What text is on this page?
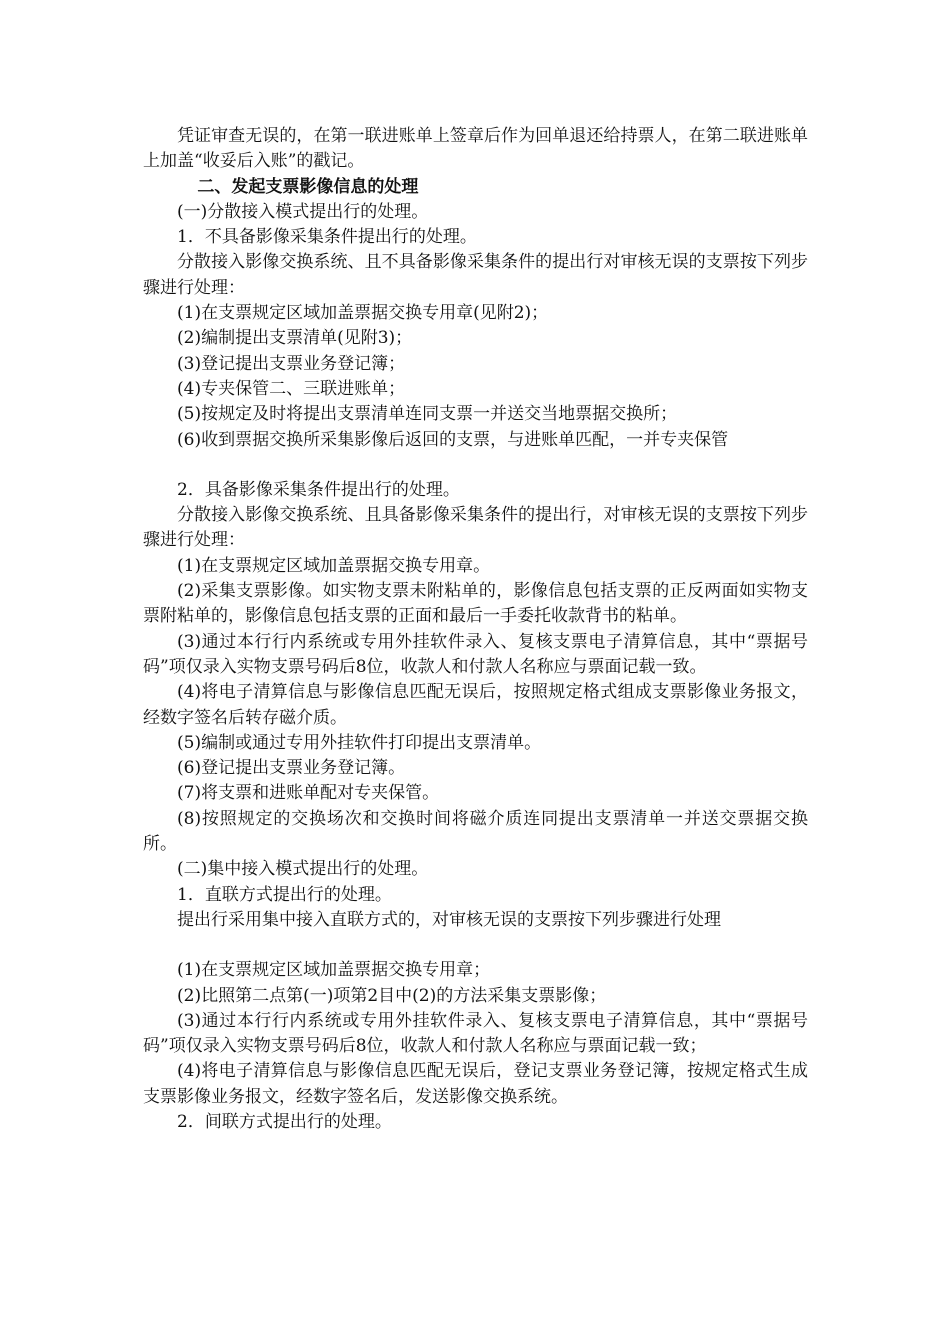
凭证审查无误的，在第一联进账单上签章后作为回单退还给持票人，在第二联进账单上加盖“收妥后入账”的戳记。

二、发起支票影像信息的处理

(一)分散接入模式提出行的处理。

1．不具备影像采集条件提出行的处理。

分散接入影像交换系统、且不具备影像采集条件的提出行对审核无误的支票按下列步骤进行处理：

(1)在支票规定区域加盖票据交换专用章(见附2)；

(2)编制提出支票清单(见附3)；

(3)登记提出支票业务登记簿；

(4)专夹保管二、三联进账单；

(5)按规定及时将提出支票清单连同支票一并送交当地票据交换所；

(6)收到票据交换所采集影像后返回的支票，与进账单匹配，一并专夹保管

2．具备影像采集条件提出行的处理。

分散接入影像交换系统、且具备影像采集条件的提出行，对审核无误的支票按下列步骤进行处理：

(1)在支票规定区域加盖票据交换专用章。

(2)采集支票影像。如实物支票未附粘单的，影像信息包括支票的正反两面如实物支票附粘单的，影像信息包括支票的正面和最后一手委托收款背书的粘单。

(3)通过本行行内系统或专用外挂软件录入、复核支票电子清算信息，其中“票据号码”项仅录入实物支票号码后8位，收款人和付款人名称应与票面记载一致。

(4)将电子清算信息与影像信息匹配无误后，按照规定格式组成支票影像业务报文，经数字签名后转存磁介质。

(5)编制或通过专用外挂软件打印提出支票清单。

(6)登记提出支票业务登记簿。

(7)将支票和进账单配对专夹保管。

(8)按照规定的交换场次和交换时间将磁介质连同提出支票清单一并送交票据交换所。

(二)集中接入模式提出行的处理。

1．直联方式提出行的处理。

提出行采用集中接入直联方式的，对审核无误的支票按下列步骤进行处理

(1)在支票规定区域加盖票据交换专用章；

(2)比照第二点第(一)项第2目中(2)的方法采集支票影像；

(3)通过本行行内系统或专用外挂软件录入、复核支票电子清算信息，其中“票据号码”项仅录入实物支票号码后8位，收款人和付款人名称应与票面记载一致；

(4)将电子清算信息与影像信息匹配无误后，登记支票业务登记簿，按规定格式生成支票影像业务报文，经数字签名后，发送影像交换系统。

2．间联方式提出行的处理。
